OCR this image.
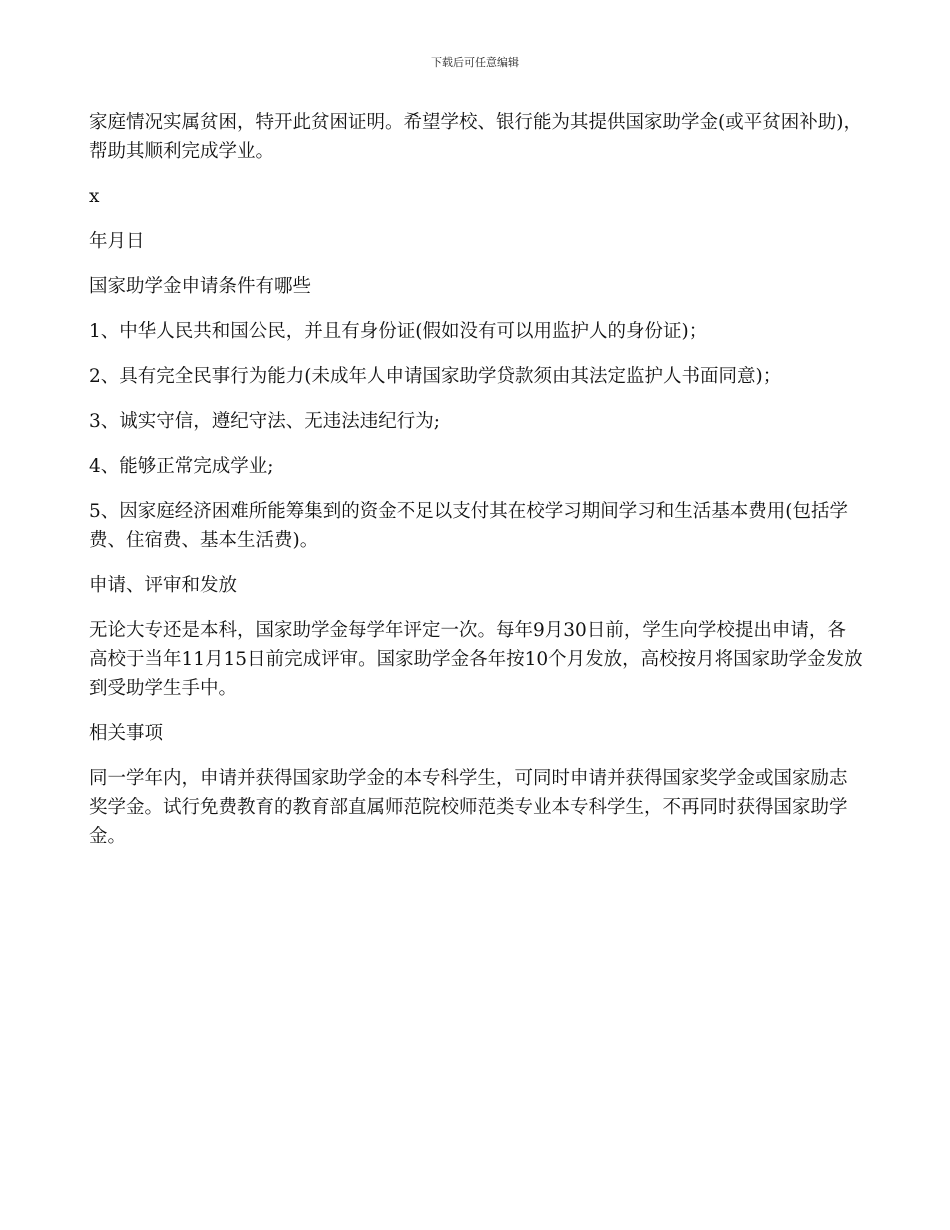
下载后可任意编辑

家庭情况实属贫困，特开此贫困证明。希望学校、银行能为其提供国家助学金(或平贫困补助)，帮助其顺利完成学业。

x

年月日

国家助学金申请条件有哪些

1、中华人民共和国公民，并且有身份证(假如没有可以用监护人的身份证)；

2、具有完全民事行为能力(未成年人申请国家助学贷款须由其法定监护人书面同意)；

3、诚实守信，遵纪守法、无违法违纪行为;

4、能够正常完成学业;

5、因家庭经济困难所能筹集到的资金不足以支付其在校学习期间学习和生活基本费用(包括学费、住宿费、基本生活费)。

申请、评审和发放

无论大专还是本科，国家助学金每学年评定一次。每年9月30日前，学生向学校提出申请，各高校于当年11月15日前完成评审。国家助学金各年按10个月发放，高校按月将国家助学金发放到受助学生手中。

相关事项

同一学年内，申请并获得国家助学金的本专科学生，可同时申请并获得国家奖学金或国家励志奖学金。试行免费教育的教育部直属师范院校师范类专业本专科学生，不再同时获得国家助学金。
